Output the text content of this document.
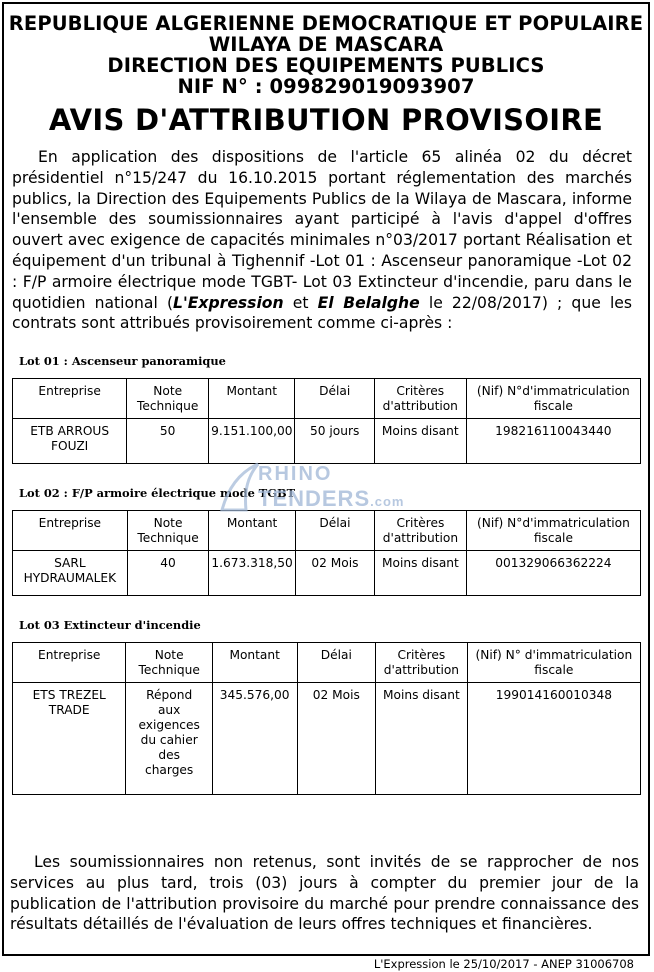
REPUBLIQUE ALGERIENNE DEMOCRATIQUE ET POPULAIRE
WILAYA DE MASCARA
DIRECTION DES EQUIPEMENTS PUBLICS
NIF N° : 099829019093907
AVIS D'ATTRIBUTION PROVISOIRE

En application des dispositions de l'article 65 alinéa 02 du décret présidentiel n°15/247 du 16.10.2015 portant réglementation des marchés publics, la Direction des Equipements Publics de la Wilaya de Mascara, informe l'ensemble des soumissionnaires ayant participé à l'avis d'appel d'offres ouvert avec exigence de capacités minimales n°03/2017 portant Réalisation et équipement d'un tribunal à Tighennif -Lot 01 : Ascenseur panoramique -Lot 02 : F/P armoire électrique mode TGBT- Lot 03 Extincteur d'incendie, paru dans le quotidien national (L'Expression et El Belalghe le 22/08/2017) ; que les contrats sont attribués provisoirement comme ci-après :

Lot 01 : Ascenseur panoramique
Entreprise	Note Technique	Montant	Délai	Critères d'attribution	(Nif) N°d'immatriculation fiscale
ETB ARROUS FOUZI	50	9.151.100,00	50 jours	Moins disant	198216110043440
Lot 02 : F/P armoire électrique mode TGBT
Entreprise	Note Technique	Montant	Délai	Critères d'attribution	(Nif) N°d'immatriculation fiscale
SARL HYDRAUMALEK	40	1.673.318,50	02 Mois	Moins disant	001329066362224
Lot 03 Extincteur d'incendie
Entreprise	Note Technique	Montant	Délai	Critères d'attribution	(Nif) N° d'immatriculation fiscale
ETS TREZEL TRADE	Répond aux exigences du cahier des charges	345.576,00	02 Mois	Moins disant	199014160010348

Les soumissionnaires non retenus, sont invités de se rapprocher de nos services au plus tard, trois (03) jours à compter du premier jour de la publication de l'attribution provisoire du marché pour prendre connaissance des résultats détaillés de l'évaluation de leurs offres techniques et financières.

L'Expression le 25/10/2017 - ANEP 31006708
RHINO
TENDERS.com
